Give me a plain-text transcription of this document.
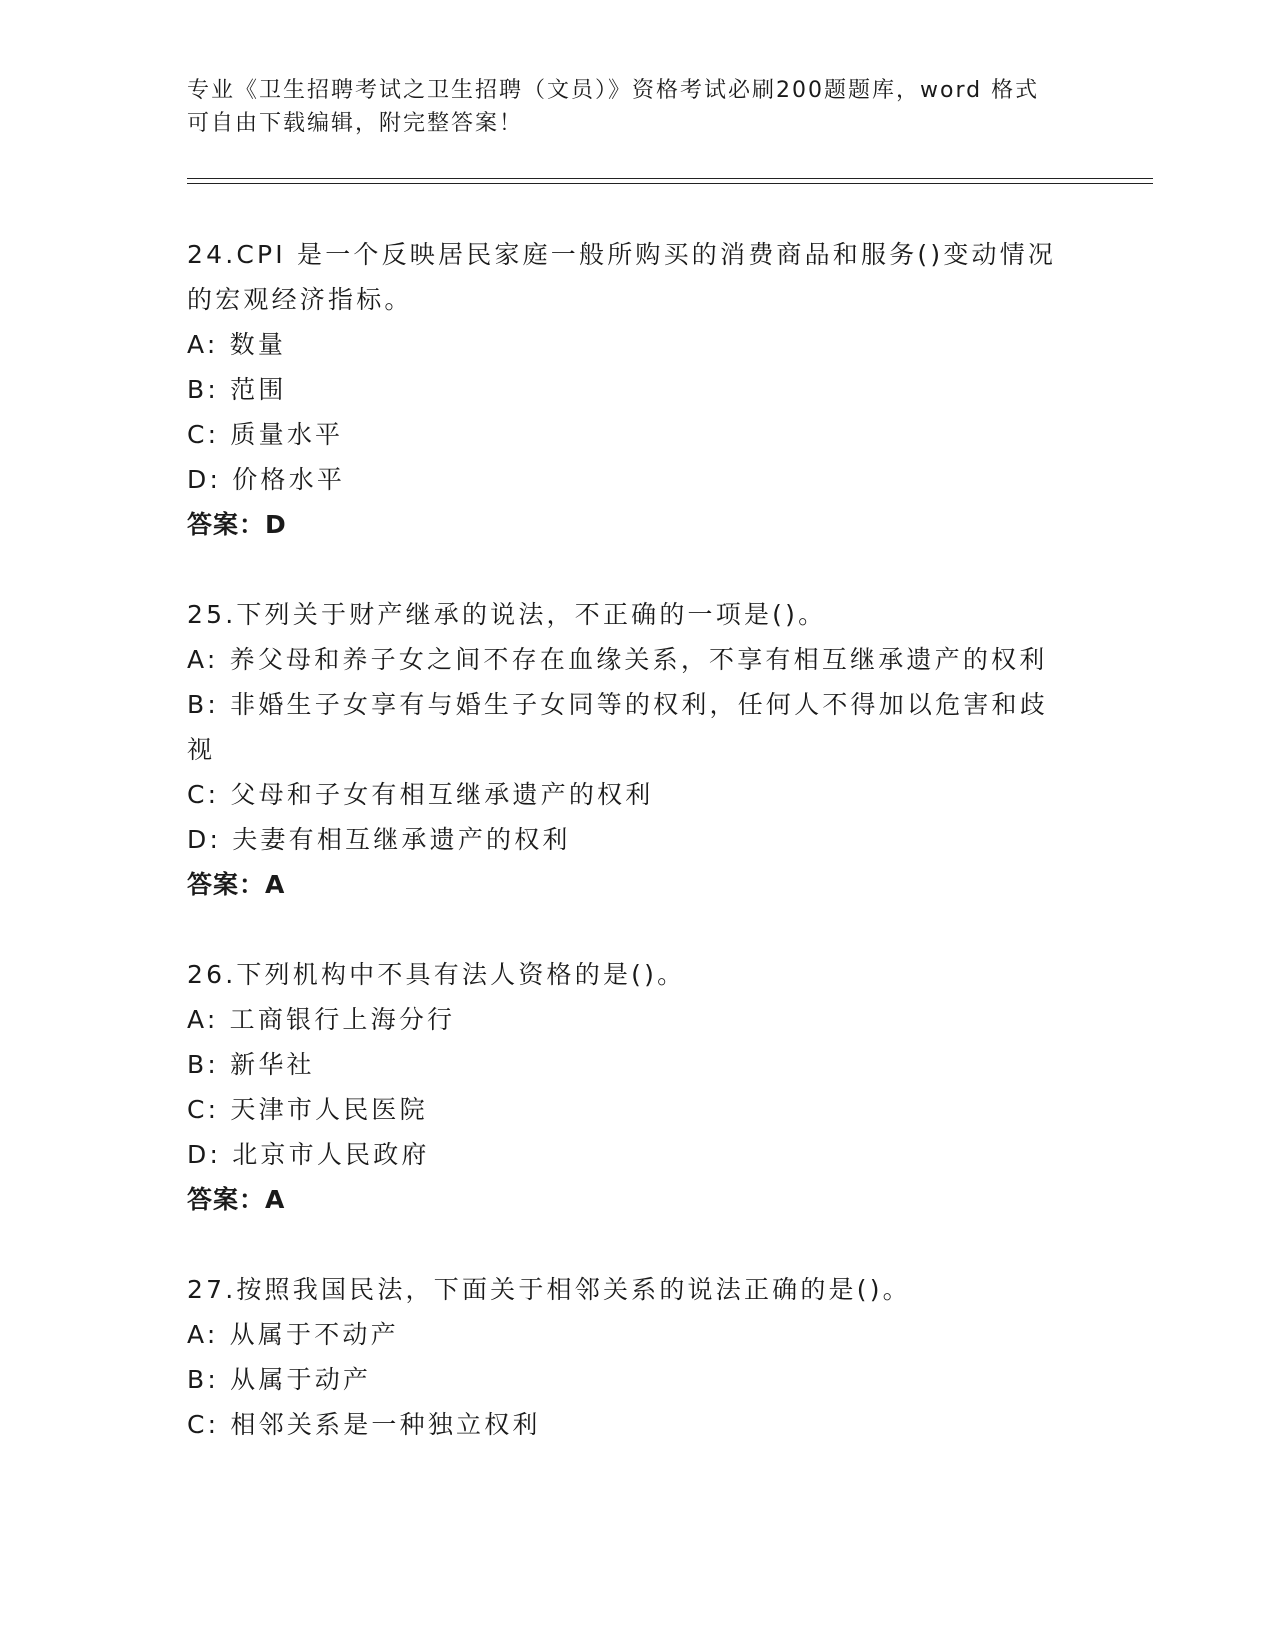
专业《卫生招聘考试之卫生招聘（文员）》资格考试必刷200题题库，word 格式
可自由下载编辑，附完整答案！
24.CPI 是一个反映居民家庭一般所购买的消费商品和服务()变动情况
的宏观经济指标。
A: 数量
B: 范围
C: 质量水平
D: 价格水平
答案：D
25.下列关于财产继承的说法，不正确的一项是()。
A: 养父母和养子女之间不存在血缘关系，不享有相互继承遗产的权利
B: 非婚生子女享有与婚生子女同等的权利，任何人不得加以危害和歧
视
C: 父母和子女有相互继承遗产的权利
D: 夫妻有相互继承遗产的权利
答案：A
26.下列机构中不具有法人资格的是()。
A: 工商银行上海分行
B: 新华社
C: 天津市人民医院
D: 北京市人民政府
答案：A
27.按照我国民法，下面关于相邻关系的说法正确的是()。
A: 从属于不动产
B: 从属于动产
C: 相邻关系是一种独立权利
